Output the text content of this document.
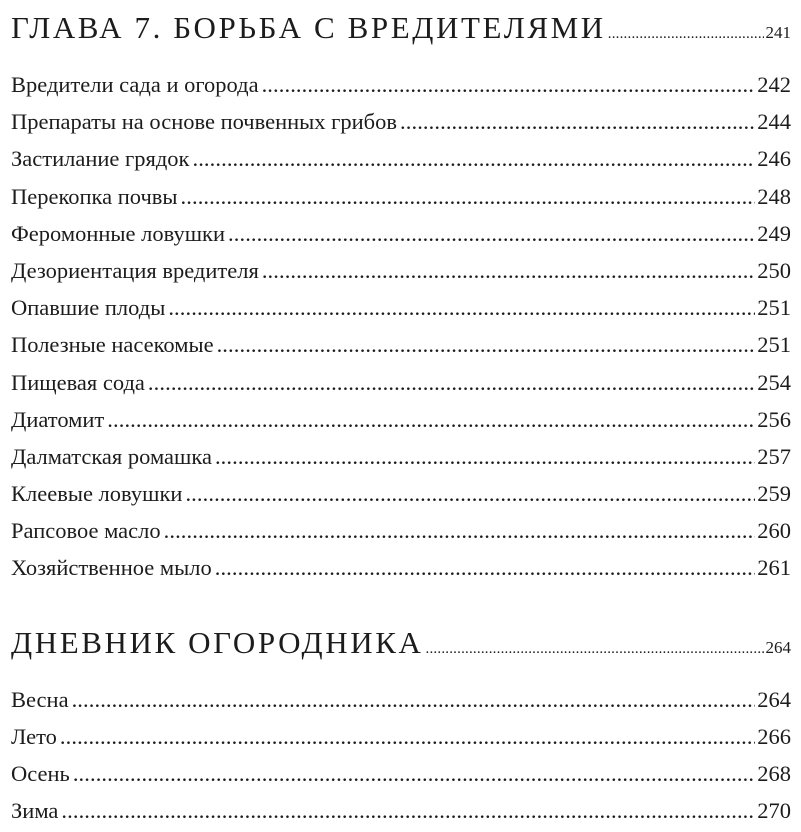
ГЛАВА 7. БОРЬБА С ВРЕДИТЕЛЯМИ .....	241
Вредители сада и огорода .....	242
Препараты на основе почвенных грибов .....	244
Застилание грядок .....	246
Перекопка почвы .....	248
Феромонные ловушки .....	249
Дезориентация вредителя .....	250
Опавшие плоды .....	251
Полезные насекомые .....	251
Пищевая сода .....	254
Диатомит .....	256
Далматская ромашка .....	257
Клеевые ловушки .....	259
Рапсовое масло .....	260
Хозяйственное мыло .....	261
ДНЕВНИК ОГОРОДНИКА .....	264
Весна .....	264
Лето .....	266
Осень .....	268
Зима .....	270
